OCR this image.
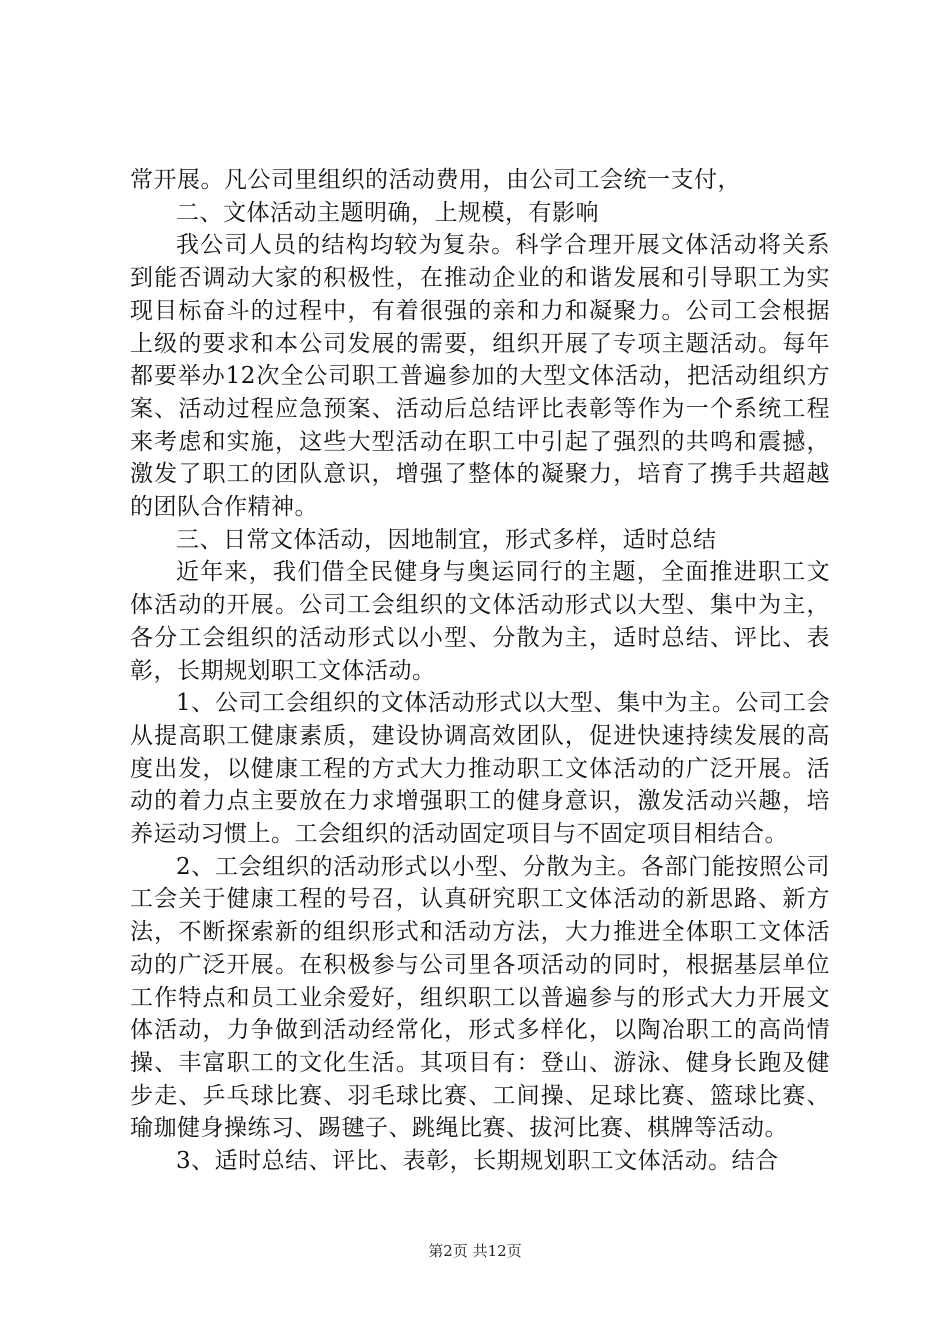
常开展。凡公司里组织的活动费用，由公司工会统一支付，

二、文体活动主题明确，上规模，有影响

我公司人员的结构均较为复杂。科学合理开展文体活动将关系到能否调动大家的积极性，在推动企业的和谐发展和引导职工为实现目标奋斗的过程中，有着很强的亲和力和凝聚力。公司工会根据上级的要求和本公司发展的需要，组织开展了专项主题活动。每年都要举办12次全公司职工普遍参加的大型文体活动，把活动组织方案、活动过程应急预案、活动后总结评比表彰等作为一个系统工程来考虑和实施，这些大型活动在职工中引起了强烈的共鸣和震撼，激发了职工的团队意识，增强了整体的凝聚力，培育了携手共超越的团队合作精神。

三、日常文体活动，因地制宜，形式多样，适时总结

近年来，我们借全民健身与奥运同行的主题，全面推进职工文体活动的开展。公司工会组织的文体活动形式以大型、集中为主，各分工会组织的活动形式以小型、分散为主，适时总结、评比、表彰，长期规划职工文体活动。

1、公司工会组织的文体活动形式以大型、集中为主。公司工会从提高职工健康素质，建设协调高效团队，促进快速持续发展的高度出发，以健康工程的方式大力推动职工文体活动的广泛开展。活动的着力点主要放在力求增强职工的健身意识，激发活动兴趣，培养运动习惯上。工会组织的活动固定项目与不固定项目相结合。

2、工会组织的活动形式以小型、分散为主。各部门能按照公司工会关于健康工程的号召，认真研究职工文体活动的新思路、新方法，不断探索新的组织形式和活动方法，大力推进全体职工文体活动的广泛开展。在积极参与公司里各项活动的同时，根据基层单位工作特点和员工业余爱好，组织职工以普遍参与的形式大力开展文体活动，力争做到活动经常化，形式多样化，以陶冶职工的高尚情操、丰富职工的文化生活。其项目有：登山、游泳、健身长跑及健步走、乒乓球比赛、羽毛球比赛、工间操、足球比赛、篮球比赛、瑜珈健身操练习、踢毽子、跳绳比赛、拔河比赛、棋牌等活动。

3、适时总结、评比、表彰，长期规划职工文体活动。结合

第2页 共12页
